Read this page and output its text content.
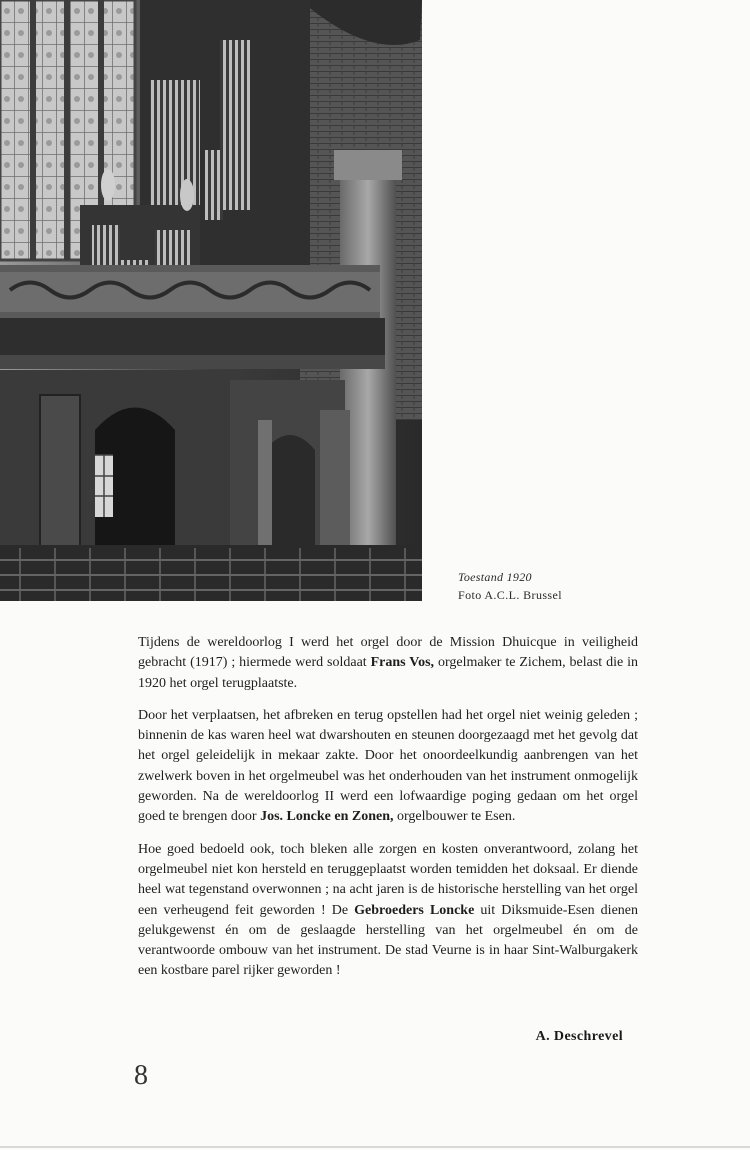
Toestand 1920
Foto A.C.L. Brussel

Tijdens de wereldoorlog I werd het orgel door de Mission Dhuicque in veiligheid gebracht (1917) ; hiermede werd soldaat Frans Vos, orgelmaker te Zichem, belast die in 1920 het orgel terugplaatste.

Door het verplaatsen, het afbreken en terug opstellen had het orgel niet weinig geleden ; binnenin de kas waren heel wat dwarshouten en steunen doorgezaagd met het gevolg dat het orgel geleidelijk in mekaar zakte. Door het onoordeelkundig aanbrengen van het zwelwerk boven in het orgelmeubel was het onderhouden van het instrument onmogelijk geworden. Na de wereldoorlog II werd een lofwaardige poging gedaan om het orgel goed te brengen door Jos. Loncke en Zonen, orgelbouwer te Esen.

Hoe goed bedoeld ook, toch bleken alle zorgen en kosten onverantwoord, zolang het orgelmeubel niet kon hersteld en teruggeplaatst worden temidden het doksaal. Er diende heel wat tegenstand overwonnen ; na acht jaren is de historische herstelling van het orgel een verheugend feit geworden ! De Gebroeders Loncke uit Diksmuide-Esen dienen gelukgewenst én om de geslaagde herstelling van het orgelmeubel én om de verantwoorde ombouw van het instrument. De stad Veurne is in haar Sint-Walburgakerk een kostbare parel rijker geworden !

A. Deschrevel
8
